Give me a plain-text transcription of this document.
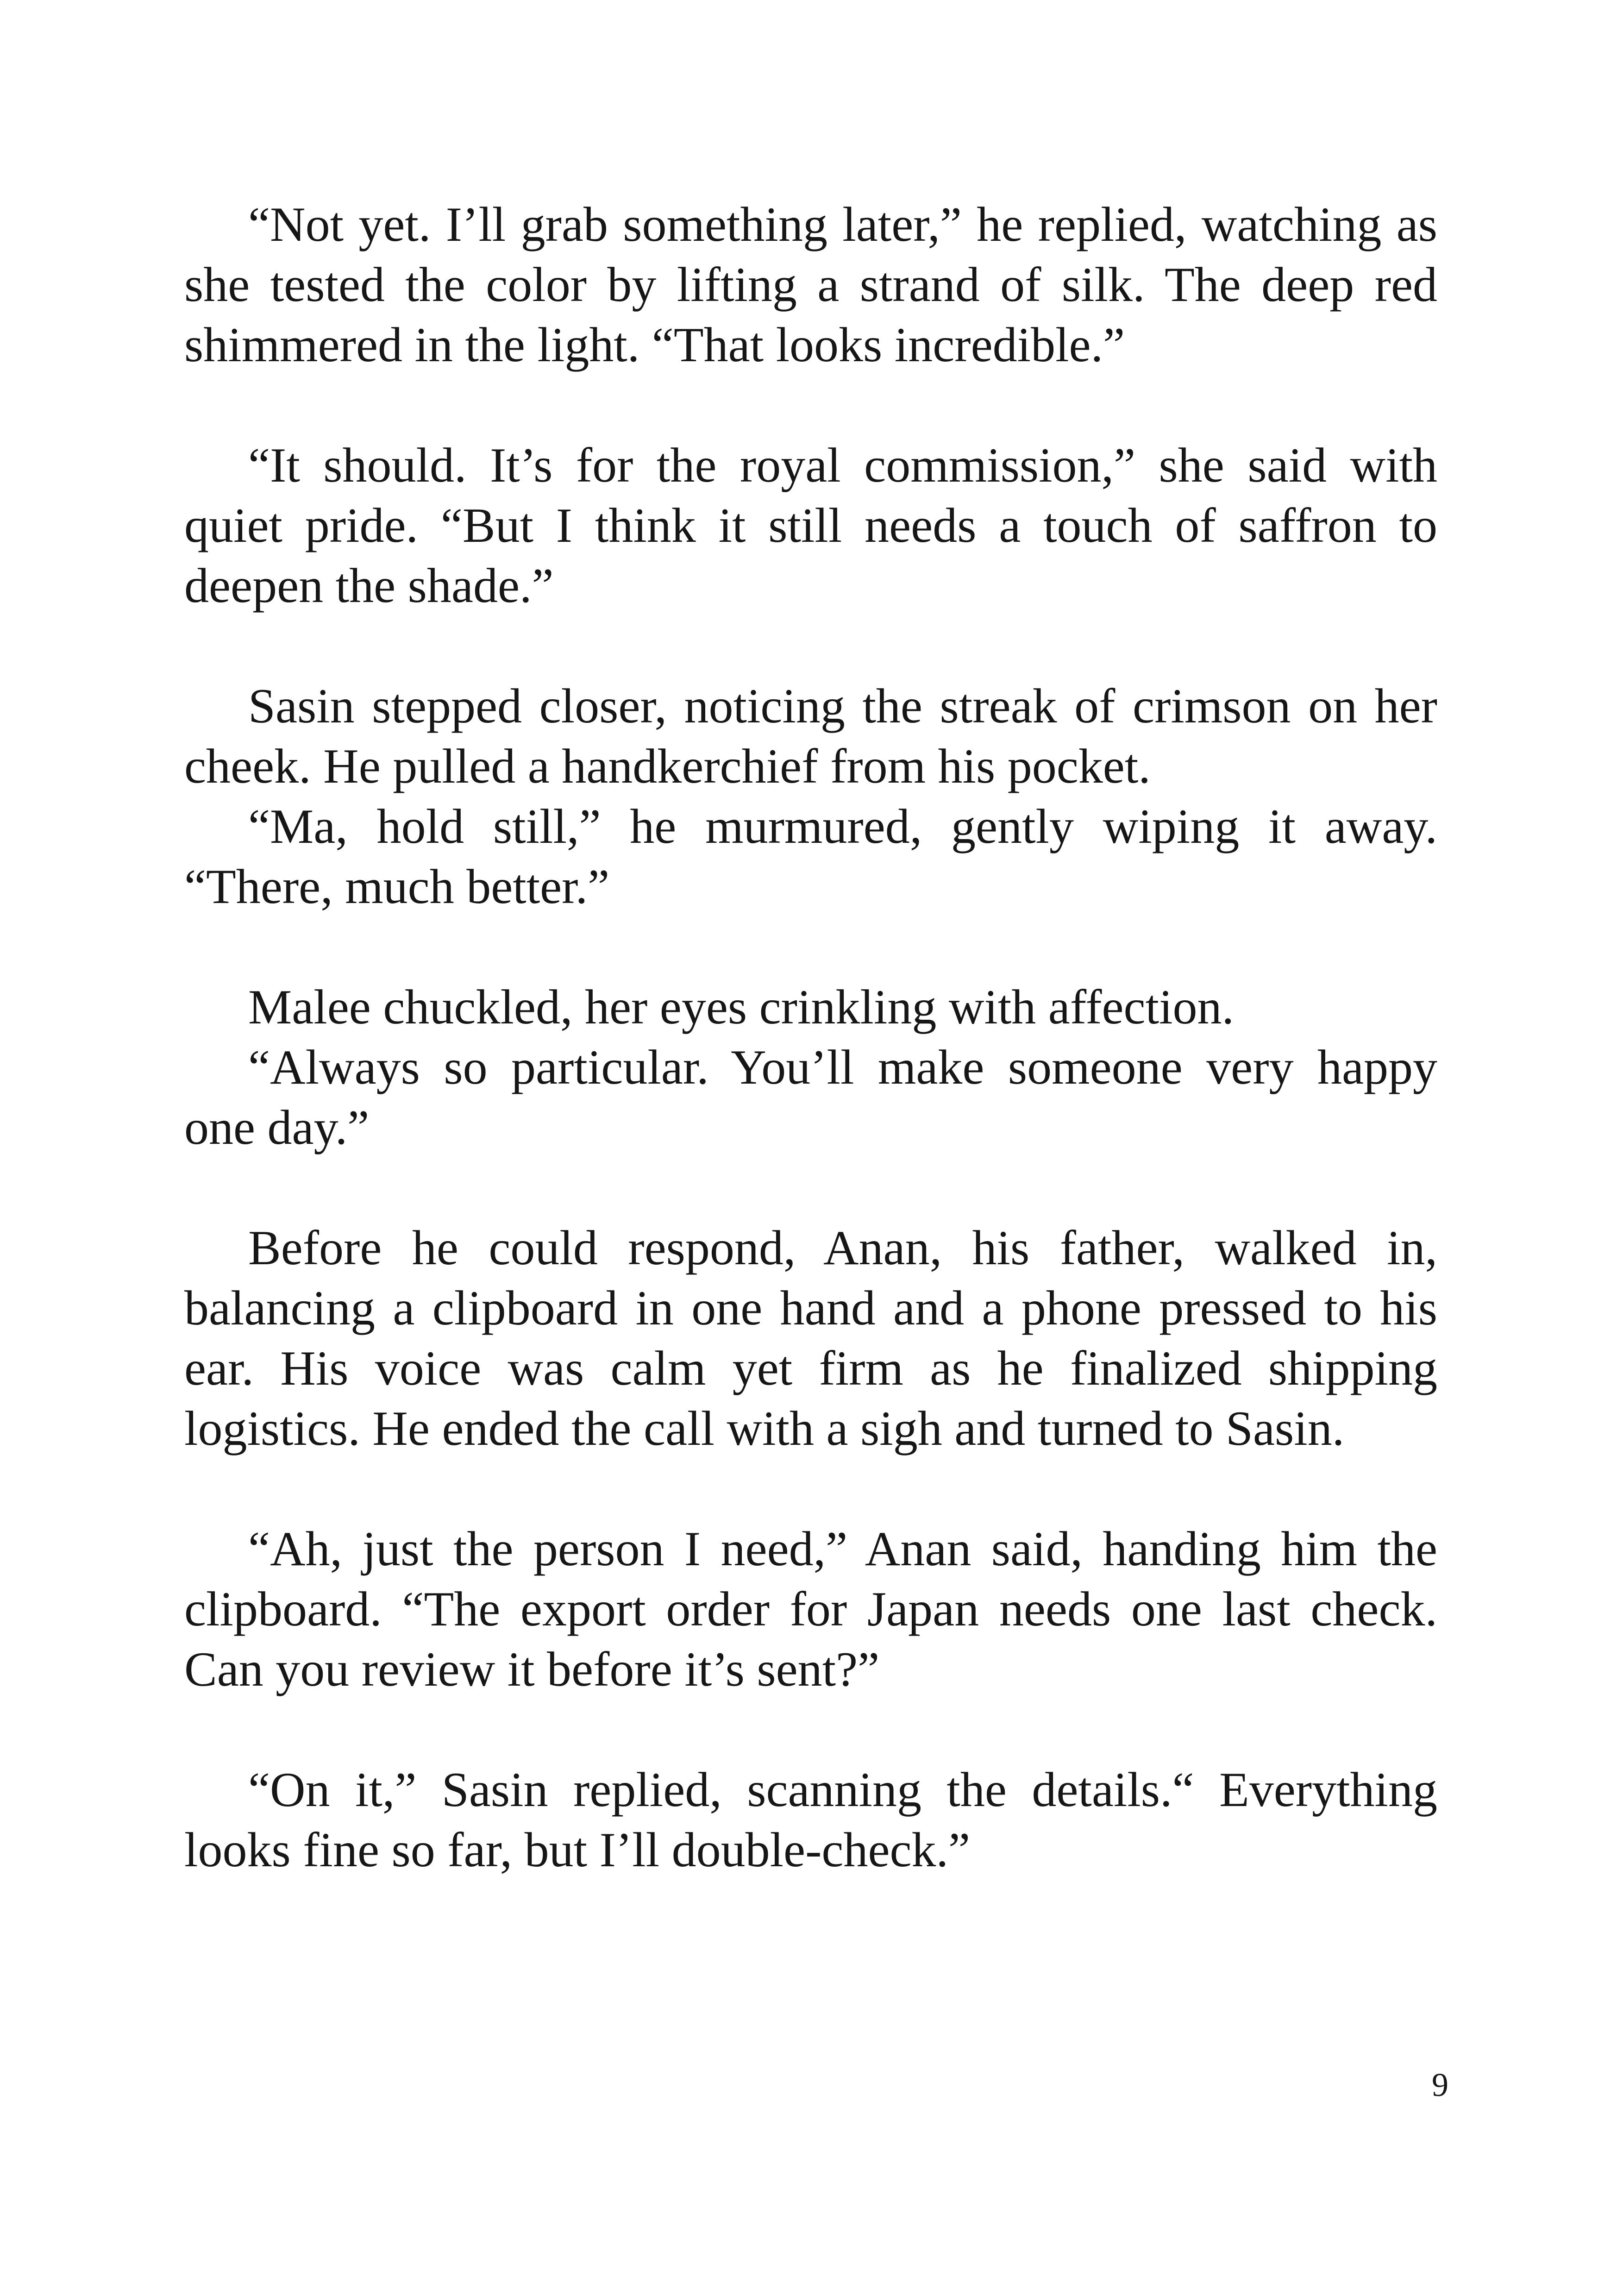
“Not yet. I’ll grab something later,” he replied, watching as she tested the color by lifting a strand of silk. The deep red shimmered in the light. “That looks incredible.”

“It should. It’s for the royal commission,” she said with quiet pride. “But I think it still needs a touch of saffron to deepen the shade.”

Sasin stepped closer, noticing the streak of crimson on her cheek. He pulled a handkerchief from his pocket.

“Ma, hold still,” he murmured, gently wiping it away. “There, much better.”

Malee chuckled, her eyes crinkling with affection.

“Always so particular. You’ll make someone very happy one day.”

Before he could respond, Anan, his father, walked in, balancing a clipboard in one hand and a phone pressed to his ear. His voice was calm yet firm as he finalized shipping logistics. He ended the call with a sigh and turned to Sasin.

“Ah, just the person I need,” Anan said, handing him the clipboard. “The export order for Japan needs one last check. Can you review it before it’s sent?”

“On it,” Sasin replied, scanning the details.“ Everything looks fine so far, but I’ll double-check.”

9
